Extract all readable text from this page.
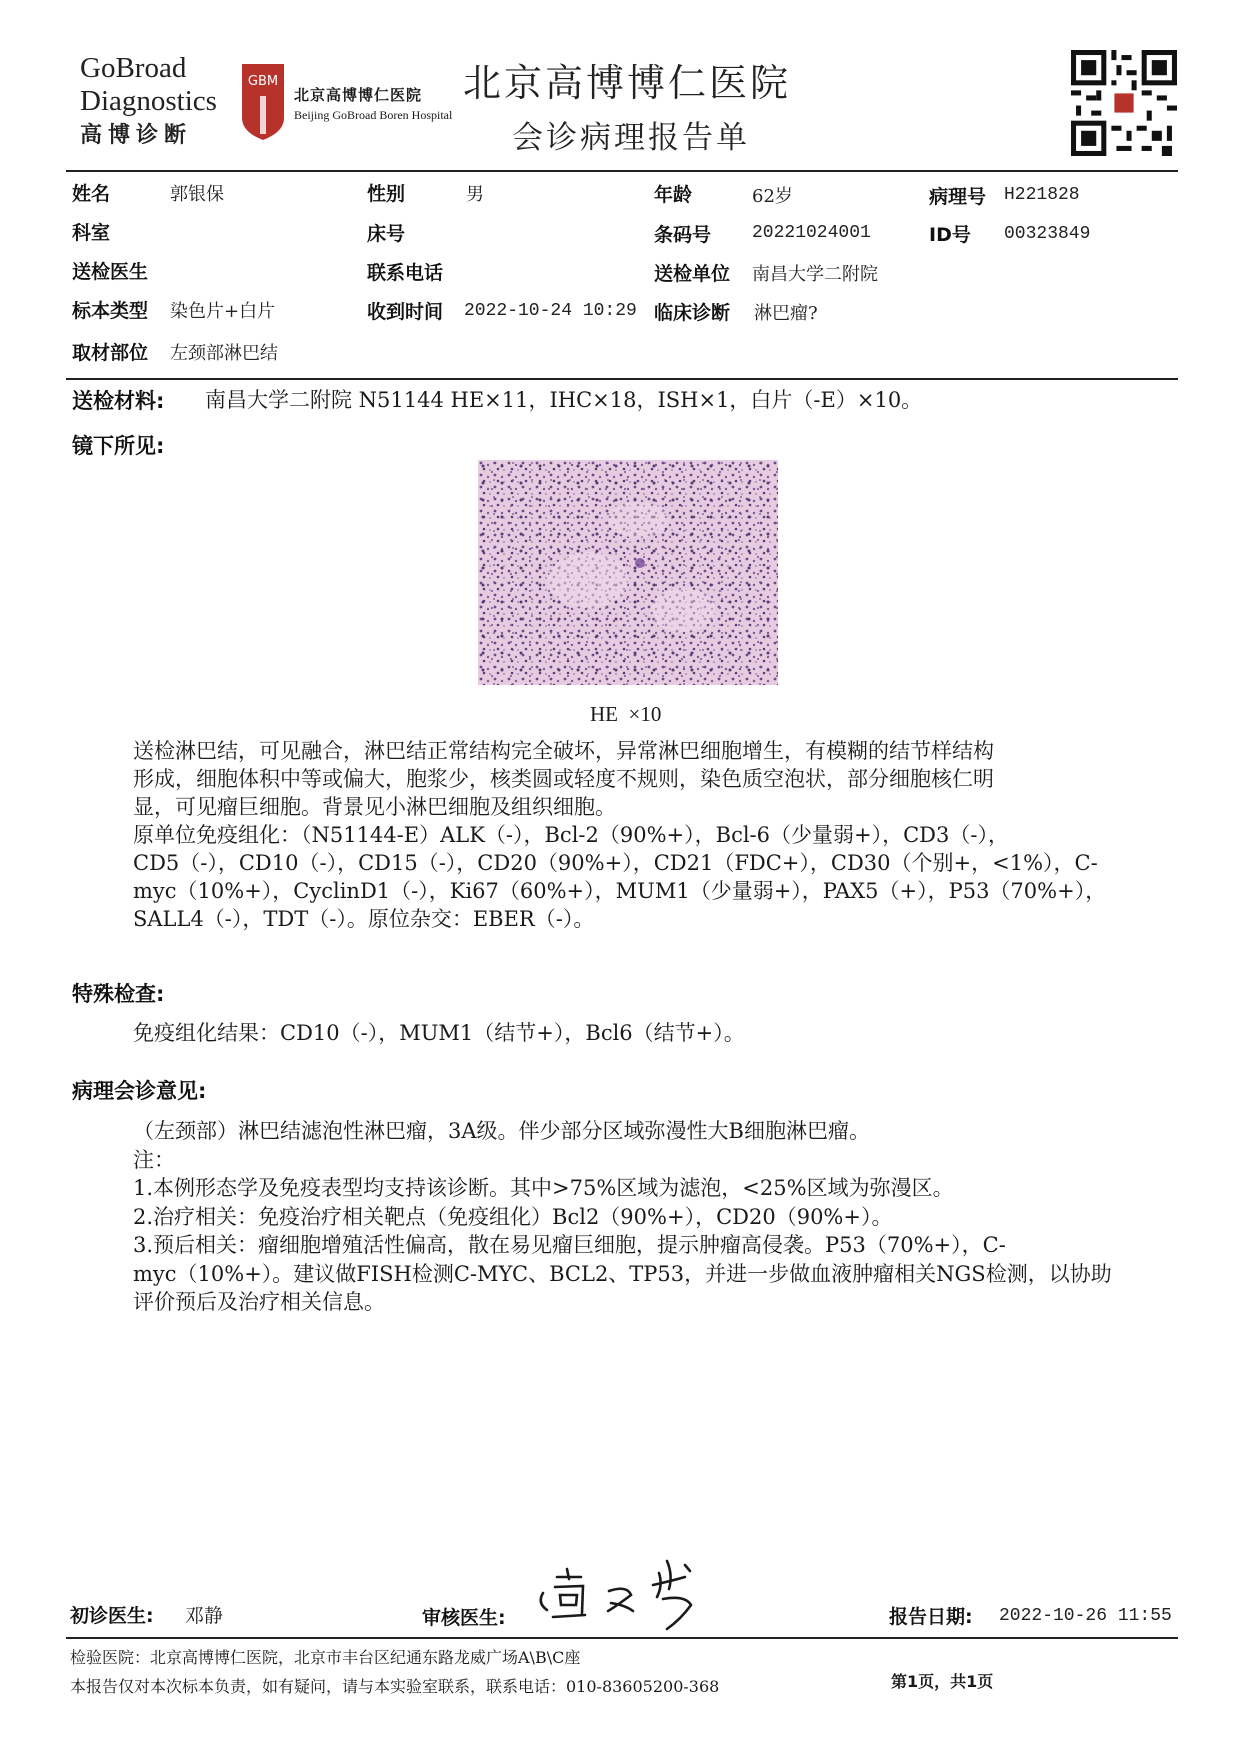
GoBroad
Diagnostics
高博诊断
GBM
北京高博博仁医院
Beijing GoBroad Boren Hospital
北京高博博仁医院
会诊病理报告单
姓名	郭银保	性别	男	年龄	62岁	病理号 H221828
科室	床号	条码号 20221024001	ID号 00323849
送检医生	联系电话	送检单位 南昌大学二附院
标本类型 染色片+白片	收到时间 2022-10-24 10:29 临床诊断 淋巴瘤?
取材部位 左颈部淋巴结
送检材料: 南昌大学二附院 N51144 HE×11，IHC×18，ISH×1，白片（-E）×10。
镜下所见:
HE  ×10
送检淋巴结，可见融合，淋巴结正常结构完全破坏，异常淋巴细胞增生，有模糊的结节样结构
形成，细胞体积中等或偏大，胞浆少，核类圆或轻度不规则，染色质空泡状，部分细胞核仁明
显，可见瘤巨细胞。背景见小淋巴细胞及组织细胞。
原单位免疫组化：（N51144-E）ALK（-），Bcl-2（90%+），Bcl-6（少量弱+），CD3（-），
CD5（-），CD10（-），CD15（-），CD20（90%+），CD21（FDC+），CD30（个别+，<1%），C-
myc（10%+），CyclinD1（-），Ki67（60%+），MUM1（少量弱+），PAX5（+），P53（70%+），
SALL4（-），TDT（-）。原位杂交：EBER（-）。
特殊检查:
免疫组化结果：CD10（-），MUM1（结节+），Bcl6（结节+）。
病理会诊意见:
（左颈部）淋巴结滤泡性淋巴瘤，3A级。伴少部分区域弥漫性大B细胞淋巴瘤。
注：
1.本例形态学及免疫表型均支持该诊断。其中>75%区域为滤泡，<25%区域为弥漫区。
2.治疗相关：免疫治疗相关靶点（免疫组化）Bcl2（90%+），CD20（90%+）。
3.预后相关：瘤细胞增殖活性偏高，散在易见瘤巨细胞，提示肿瘤高侵袭。P53（70%+），C-
myc（10%+）。建议做FISH检测C-MYC、BCL2、TP53，并进一步做血液肿瘤相关NGS检测，以协助
评价预后及治疗相关信息。
初诊医生: 邓静	审核医生:	报告日期: 2022-10-26 11:55
检验医院：北京高博博仁医院，北京市丰台区纪通东路龙威广场A\B\C座
本报告仅对本次标本负责，如有疑问，请与本实验室联系，联系电话：010-83605200-368	第1页，共1页
